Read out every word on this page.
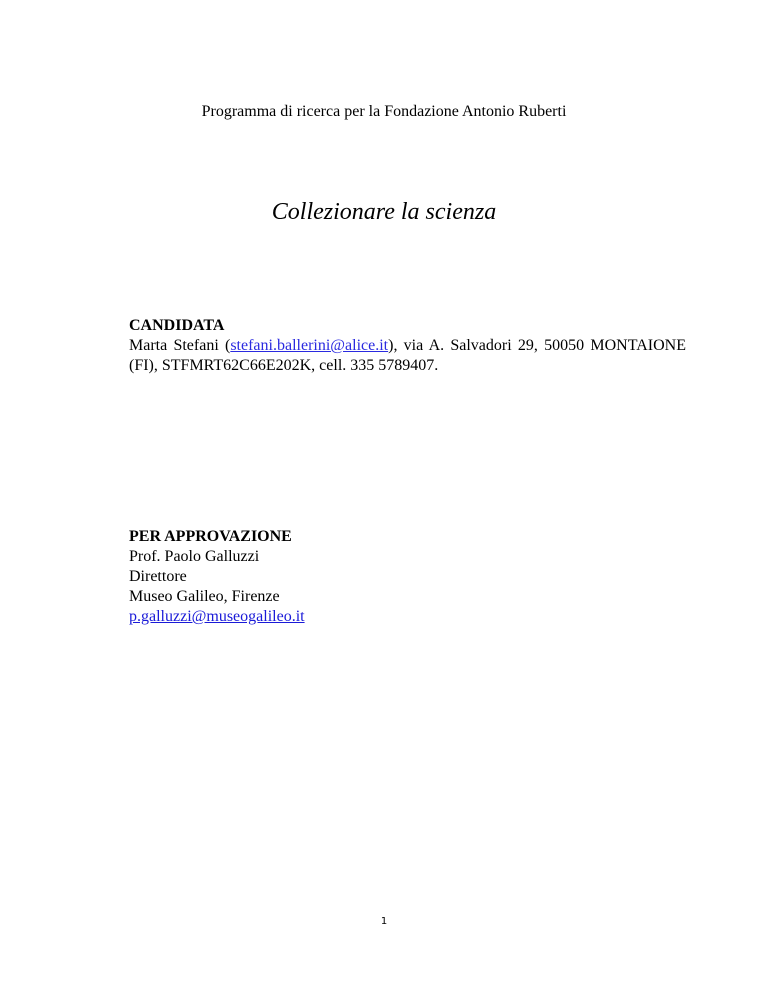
Programma di ricerca per la Fondazione Antonio Ruberti
Collezionare la scienza
CANDIDATA
Marta Stefani (stefani.ballerini@alice.it), via A. Salvadori 29, 50050 MONTAIONE
(FI), STFMRT62C66E202K, cell. 335 5789407.
PER APPROVAZIONE
Prof. Paolo Galluzzi
Direttore
Museo Galileo, Firenze
p.galluzzi@museogalileo.it
1
